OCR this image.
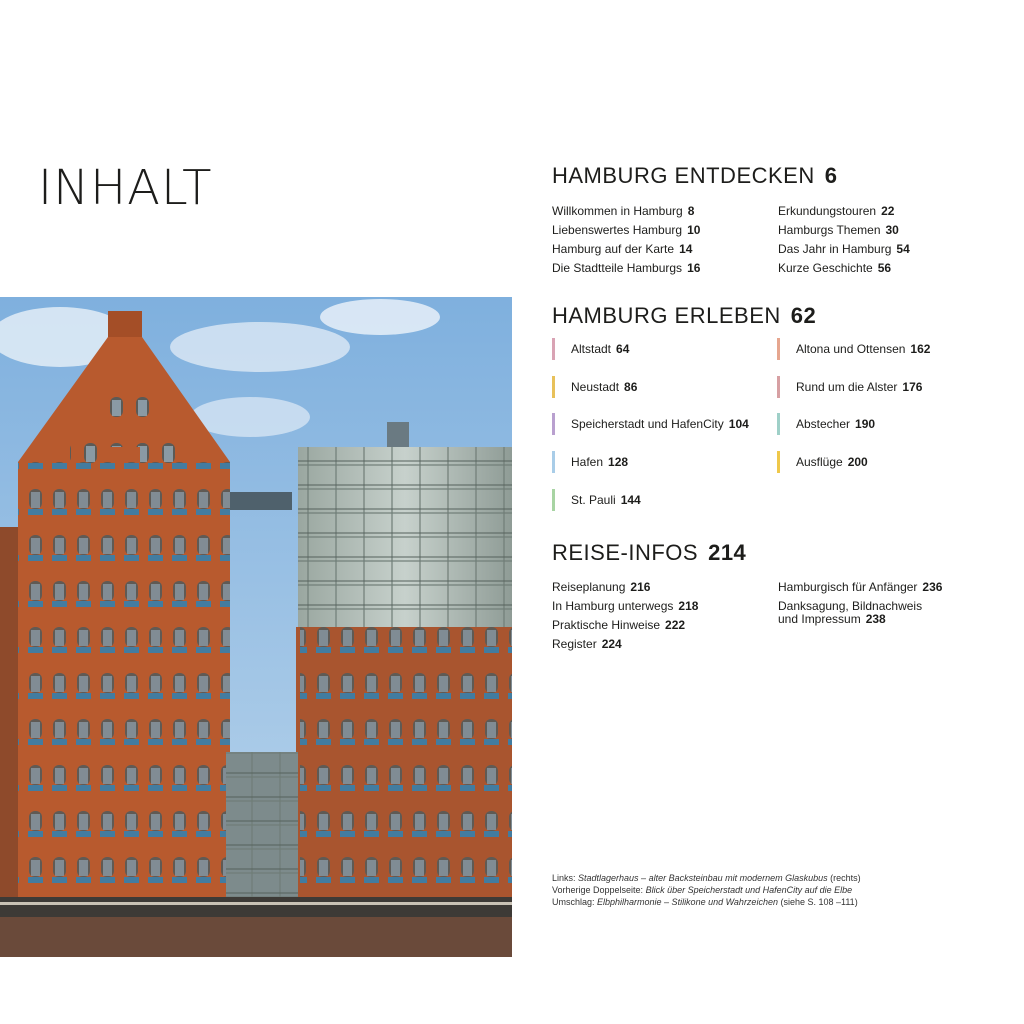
INHALT	HAMBURG ENTDECKEN 6
Willkommen in Hamburg 8
Liebenswertes Hamburg 10
Hamburg auf der Karte 14
Die Stadtteile Hamburgs 16
Erkundungstouren 22
Hamburgs Themen 30
Das Jahr in Hamburg 54
Kurze Geschichte 56
HAMBURG ERLEBEN 62
Altstadt 64
Neustadt 86
Speicherstadt und HafenCity 104
Hafen 128
St. Pauli 144
Altona und Ottensen 162
Rund um die Alster 176
Abstecher 190
Ausflüge 200
REISE-INFOS 214
Reiseplanung 216
In Hamburg unterwegs 218
Praktische Hinweise 222
Register 224
Hamburgisch für Anfänger 236
Danksagung, Bildnachweis
und Impressum 238
Links: Stadtlagerhaus – alter Backsteinbau mit modernem Glaskubus (rechts)
Vorherige Doppelseite: Blick über Speicherstadt und HafenCity auf die Elbe
Umschlag: Elbphilharmonie – Stilikone und Wahrzeichen (siehe S. 108 –111)
